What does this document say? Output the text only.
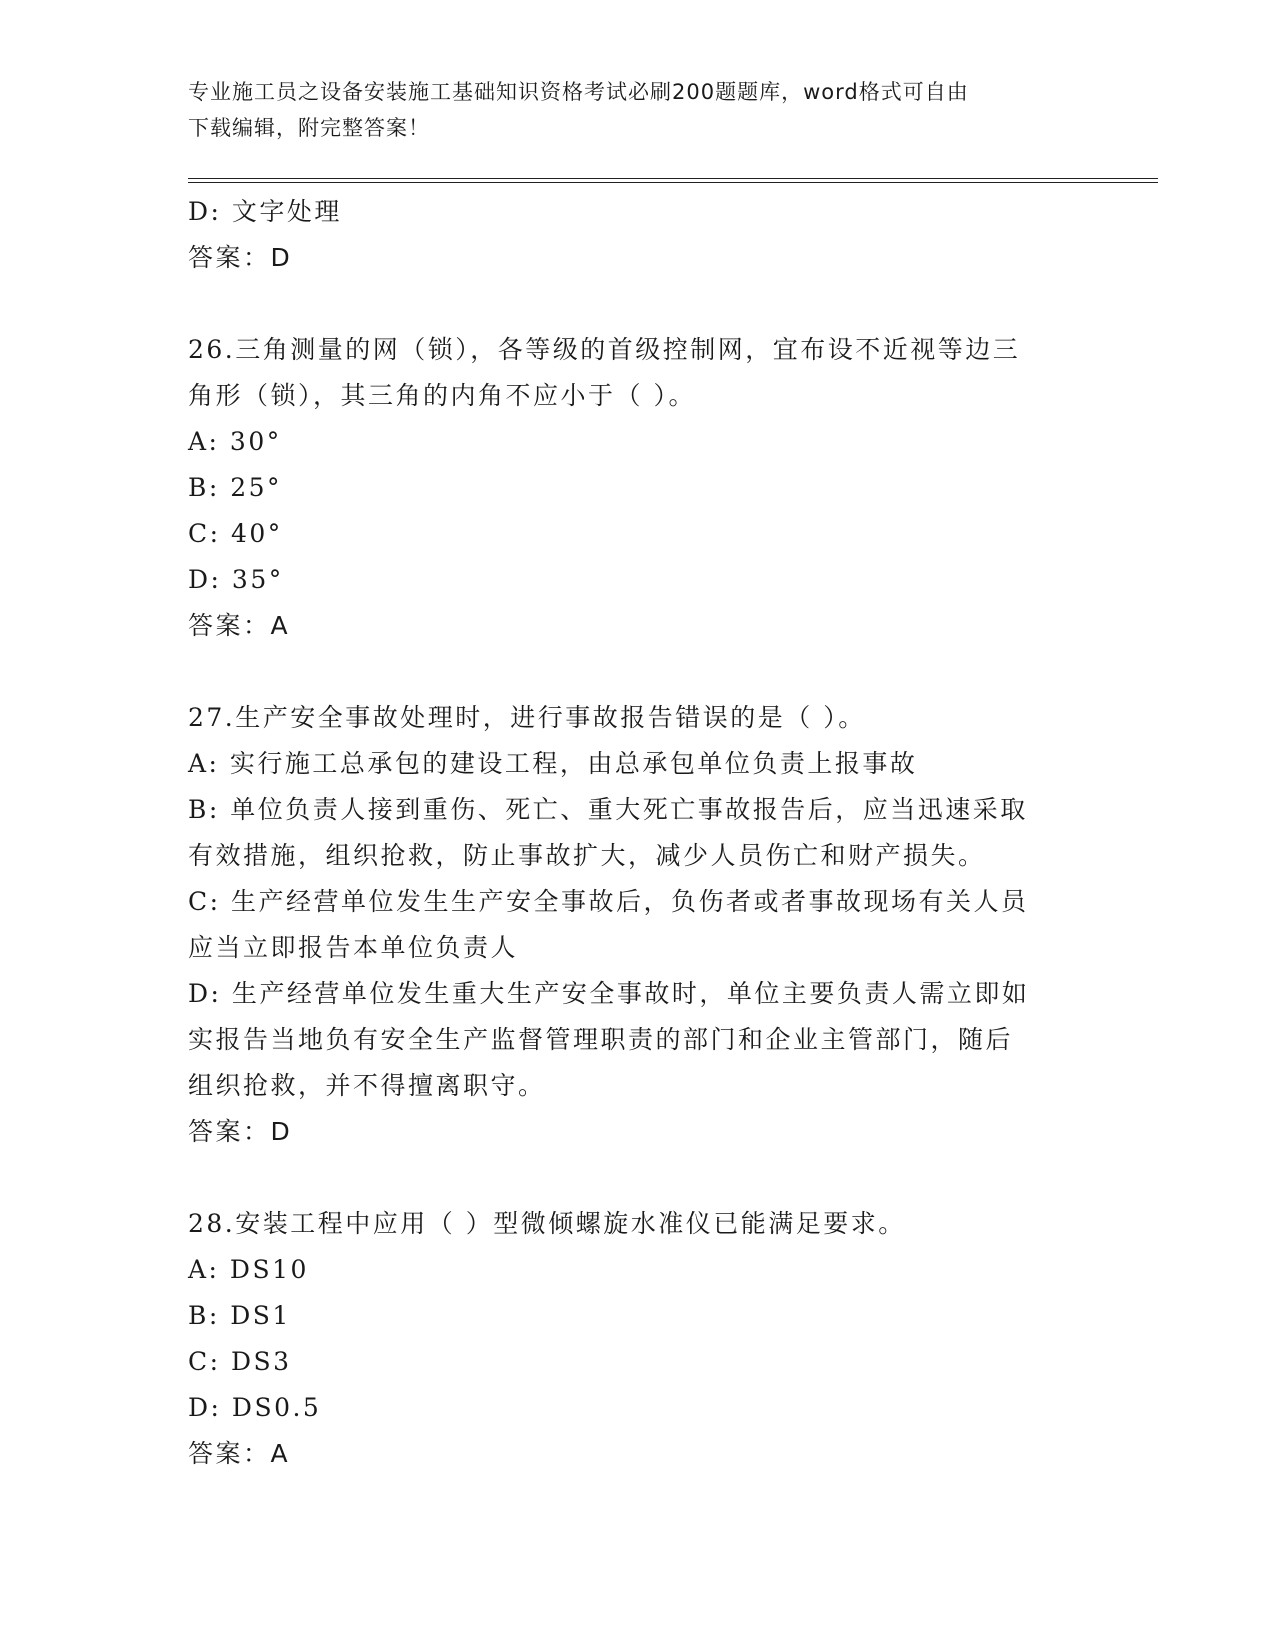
专业施工员之设备安装施工基础知识资格考试必刷200题题库，word格式可自由
下载编辑，附完整答案！
D: 文字处理
答案：D
26.三角测量的网（锁），各等级的首级控制网，宜布设不近视等边三
角形（锁），其三角的内角不应小于（ ）。
A: 30°
B: 25°
C: 40°
D: 35°
答案：A
27.生产安全事故处理时，进行事故报告错误的是（ ）。
A: 实行施工总承包的建设工程，由总承包单位负责上报事故
B: 单位负责人接到重伤、死亡、重大死亡事故报告后，应当迅速采取
有效措施，组织抢救，防止事故扩大，减少人员伤亡和财产损失。
C: 生产经营单位发生生产安全事故后，负伤者或者事故现场有关人员
应当立即报告本单位负责人
D: 生产经营单位发生重大生产安全事故时，单位主要负责人需立即如
实报告当地负有安全生产监督管理职责的部门和企业主管部门，随后
组织抢救，并不得擅离职守。
答案：D
28.安装工程中应用（ ）型微倾螺旋水准仪已能满足要求。
A: DS10
B: DS1
C: DS3
D: DS0.5
答案：A
